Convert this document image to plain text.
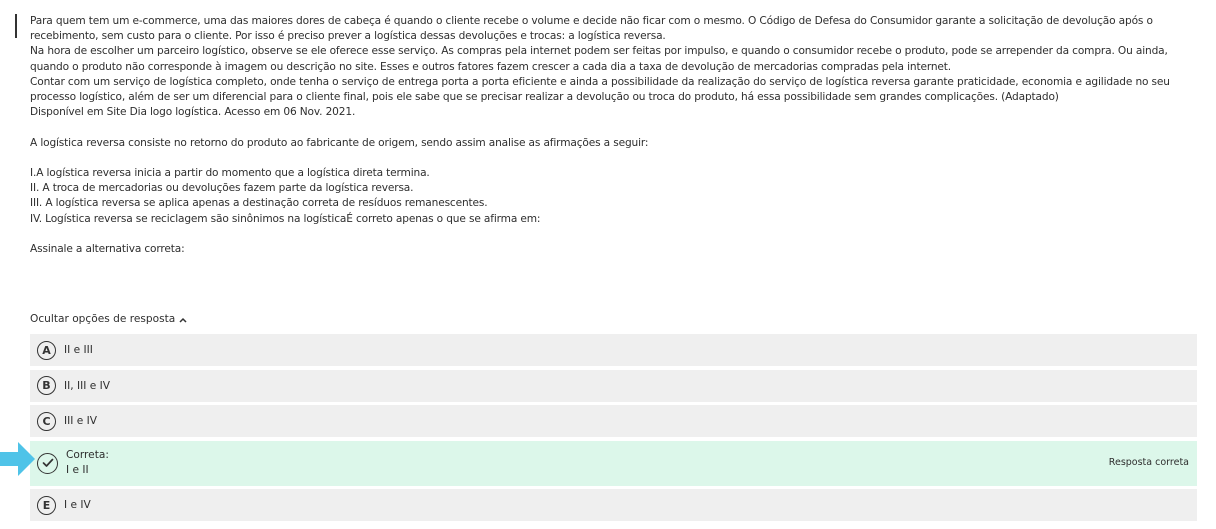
Para quem tem um e-commerce, uma das maiores dores de cabeça é quando o cliente recebe o volume e decide não ficar com o mesmo. O Código de Defesa do Consumidor garante a solicitação de devolução após o recebimento, sem custo para o cliente. Por isso é preciso prever a logística dessas devoluções e trocas: a logística reversa.

Na hora de escolher um parceiro logístico, observe se ele oferece esse serviço. As compras pela internet podem ser feitas por impulso, e quando o consumidor recebe o produto, pode se arrepender da compra. Ou ainda, quando o produto não corresponde à imagem ou descrição no site. Esses e outros fatores fazem crescer a cada dia a taxa de devolução de mercadorias compradas pela internet.

Contar com um serviço de logística completo, onde tenha o serviço de entrega porta a porta eficiente e ainda a possibilidade da realização do serviço de logística reversa garante praticidade, economia e agilidade no seu processo logístico, além de ser um diferencial para o cliente final, pois ele sabe que se precisar realizar a devolução ou troca do produto, há essa possibilidade sem grandes complicações. (Adaptado)

Disponível em Site Dia logo logística. Acesso em 06 Nov. 2021.

A logística reversa consiste no retorno do produto ao fabricante de origem, sendo assim analise as afirmações a seguir:

I.A logística reversa inicia a partir do momento que a logística direta termina.

II. A troca de mercadorias ou devoluções fazem parte da logística reversa.

III. A logística reversa se aplica apenas a destinação correta de resíduos remanescentes.

IV. Logística reversa se reciclagem são sinônimos na logísticaÉ correto apenas o que se afirma em:

Assinale a alternativa correta:

Ocultar opções de resposta
A	II e III
B	II, III e IV
C	III e IV
Correta:
I e II
Resposta correta
E	I e IV
